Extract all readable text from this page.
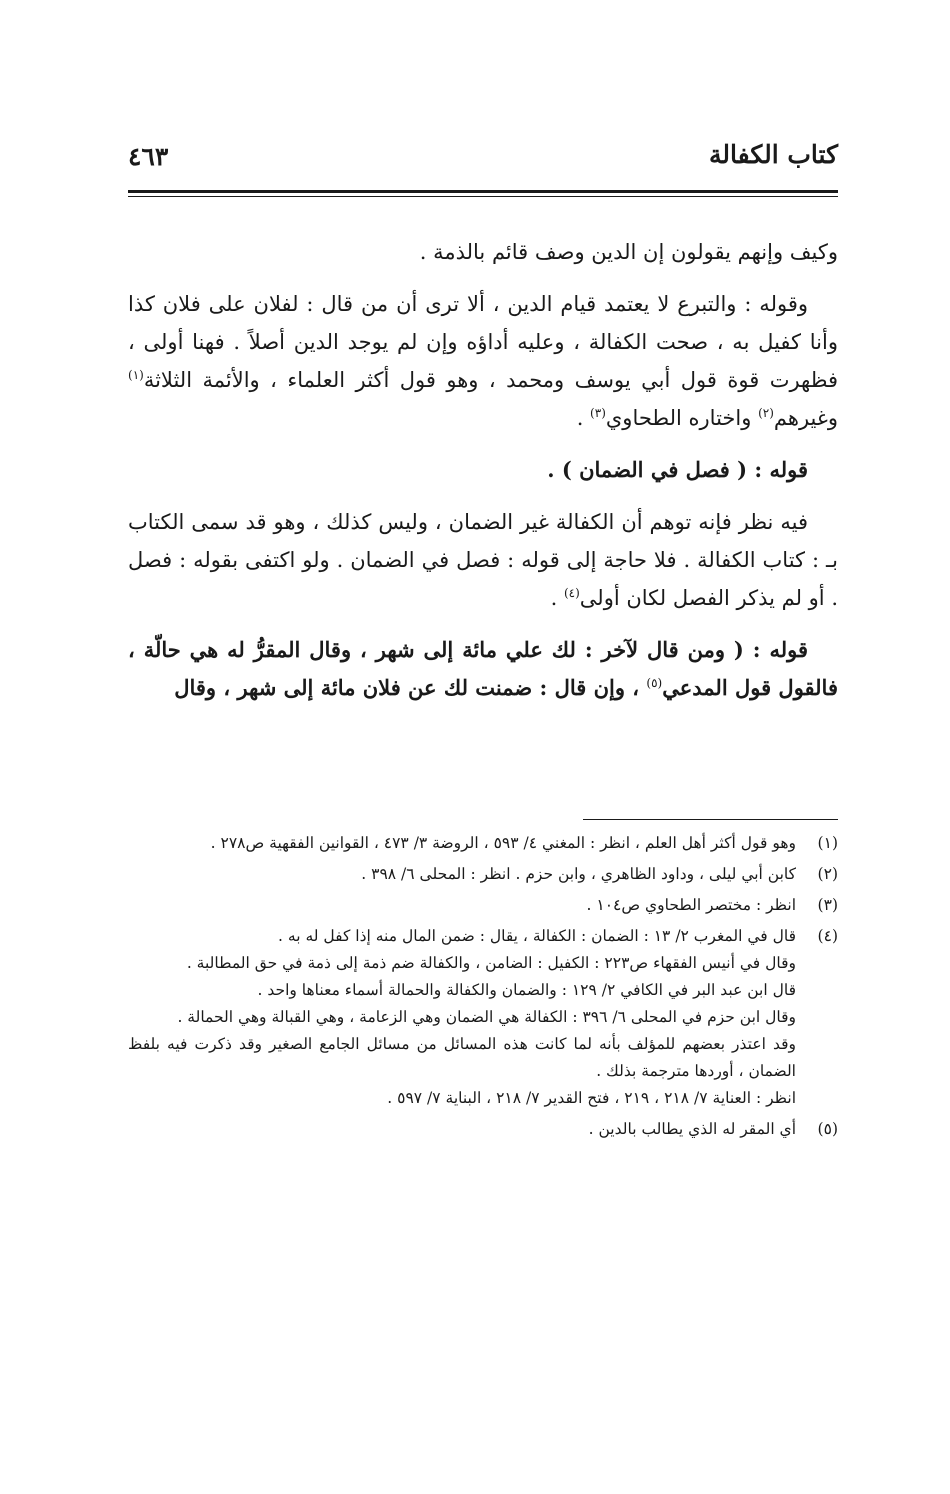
كتاب الكفالة
٤٦٣

وكيف وإنهم يقولون إن الدين وصف قائم بالذمة .

وقوله : والتبرع لا يعتمد قيام الدين ، ألا ترى أن من قال : لفلان على فلان كذا وأنا كفيل به ، صحت الكفالة ، وعليه أداؤه وإن لم يوجد الدين أصلاً . فهنا أولى ، فظهرت قوة قول أبي يوسف ومحمد ، وهو قول أكثر العلماء ، والأئمة الثلاثة$^{(١)}$ وغيرهم$^{(٢)}$ واختاره الطحاوي$^{(٣)}$ .

قوله : ( فصل في الضمان ) .

فيه نظر فإنه توهم أن الكفالة غير الضمان ، وليس كذلك ، وهو قد سمى الكتاب بـ : كتاب الكفالة . فلا حاجة إلى قوله : فصل في الضمان . ولو اكتفى بقوله : فصل . أو لم يذكر الفصل لكان أولى$^{(٤)}$ .

قوله : ( ومن قال لآخر : لك علي مائة إلى شهر ، وقال المقرُّ له هي حالّة ، فالقول قول المدعي$^{(٥)}$ ، وإن قال : ضمنت لك عن فلان مائة إلى شهر ، وقال

(١)
وهو قول أكثر أهل العلم ، انظر : المغني ٤/ ٥٩٣ ، الروضة ٣/ ٤٧٣ ، القوانين الفقهية ص٢٧٨ .
(٢)
كابن أبي ليلى ، وداود الظاهري ، وابن حزم . انظر : المحلى ٦/ ٣٩٨ .
(٣)
انظر : مختصر الطحاوي ص١٠٤ .
(٤)
قال في المغرب ٢/ ١٣ : الضمان : الكفالة ، يقال : ضمن المال منه إذا كفل له به .
وقال في أنيس الفقهاء ص٢٢٣ : الكفيل : الضامن ، والكفالة ضم ذمة إلى ذمة في حق المطالبة .
قال ابن عبد البر في الكافي ٢/ ١٢٩ : والضمان والكفالة والحمالة أسماء معناها واحد .
وقال ابن حزم في المحلى ٦/ ٣٩٦ : الكفالة هي الضمان وهي الزعامة ، وهي القبالة وهي الحمالة .
وقد اعتذر بعضهم للمؤلف بأنه لما كانت هذه المسائل من مسائل الجامع الصغير وقد ذكرت فيه بلفظ الضمان ، أوردها مترجمة بذلك .
انظر : العناية ٧/ ٢١٨ ، ٢١٩ ، فتح القدير ٧/ ٢١٨ ، البناية ٧/ ٥٩٧ .
(٥)
أي المقر له الذي يطالب بالدين .
